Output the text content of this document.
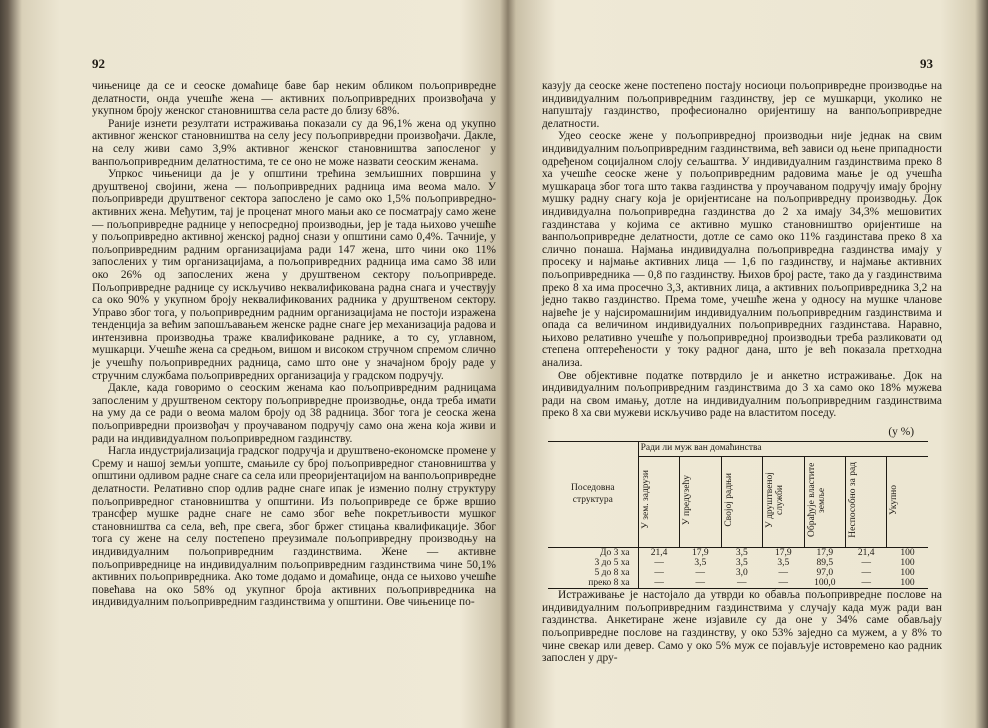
92

чињенице да се и сеоске домаћице баве бар неким обликом пољопривредне делатности, онда учешће жена — активних пољопривредних произвођача у укупном броју женског становништва села расте до близу 68%.

Раније изнети резултати истраживања показали су да 96,1% жена од укупно активног женског становништва на селу јесу пољопривредни произвођачи. Дакле, на селу живи само 3,9% активног женског становништва запосленог у ванпољопривредним делатностима, те се оно не може назвати сеоским женама.

Упркос чињеници да је у општини трећина земљишних површина у друштвеној својини, жена — пољопривредних радница има веома мало. У пољопривреди друштвеног сектора запослено је само око 1,5% пољопривредно-активних жена. Међутим, тај је проценат много мањи ако се посматрају само жене — пољопривредне раднице у непосредној производњи, јер је тада њихово учешће у пољопривредно активној женској радној снази у општини само 0,4%. Тачније, у пољопривредним радним организацијама ради 147 жена, што чини око 11% запослених у тим организацијама, а пољопривредних радница има само 38 или око 26% од запослених жена у друштвеном сектору пољопривреде. Пољопривредне раднице су искључиво неквалификована радна снага и учествују са око 90% у укупном броју неквалификованих радника у друштвеном сектору. Управо због тога, у пољопривредним радним организацијама не постоји изражена тенденција за већим запошљавањем женске радне снаге јер механизација радова и интензивна производња траже квалификоване раднике, а то су, углавном, мушкарци. Учешће жена са средњом, вишом и високом стручном спремом слично је учешћу пољопривредних радница, само што оне у значајном броју раде у стручним службама пољопривредних организација у градском подручју.

Дакле, када говоримо о сеоским женама као пољопривредним радницама запосленим у друштвеном сектору пољопривредне производње, онда треба имати на уму да се ради о веома малом броју од 38 радница. Због тога је сеоска жена пољопривредни произвођач у проучаваном подручју само она жена која живи и ради на индивидуалном пољопривредном газдинству.

Нагла индустријализација градског подручја и друштвено-економске промене у Срему и нашој земљи уопште, смањиле су број пољопривредног становништва у општини одливом радне снаге са села или преоријентацијом на ванпољопривредне делатности. Релативно спор одлив радне снаге ипак је изменио полну структуру пољопривредног становништва у општини. Из пољопривреде се брже вршио трансфер мушке радне снаге не само због веће покретљивости мушког становништва са села, већ, пре свега, због бржег стицања квалификације. Због тога су жене на селу постепено преузимале пољопривредну производњу на индивидуалним пољопривредним газдинствима. Жене — активне пољопривреднице на индивидуалним пољопривредним газдинствима чине 50,1% активних пољопривредника. Ако томе додамо и домаћице, онда се њихово учешће повећава на око 58% од укупног броја активних пољопривредника на индивидуалним пољопривредним газдинствима у општини. Ове чињенице по-

93

казују да сеоске жене постепено постају носиоци пољопривредне производње на индивидуалним пољопривредним газдинству, јер се мушкарци, уколико не напуштају газдинство, професионално оријентишу на ванпољопривредне делатности.

Удео сеоске жене у пољопривредној производњи није једнак на свим индивидуалним пољопривредним газдинствима, већ зависи од њене припадности одређеном социјалном слоју сељаштва. У индивидуалним газдинствима преко 8 ха учешће сеоске жене у пољопривредним радовима мање је од учешћа мушкараца због тога што таква газдинства у проучаваном подручју имају бројну мушку радну снагу која је оријентисане на пољопривредну производњу. Док индивидуална пољопривредна газдинства до 2 ха имају 34,3% мешовитих газдинстава у којима се активно мушко становништво оријентише на ванпољопривредне делатности, дотле се само око 11% газдинстава преко 8 ха слично понаша. Најмања индивидуална пољопривредна газдинства имају у просеку и најмање активних лица — 1,6 по газдинству, и најмање активних пољопривредника — 0,8 по газдинству. Њихов број расте, тако да у газдинствима преко 8 ха има просечно 3,3, активних лица, а активних пољопривредника 3,2 на једно такво газдинство. Према томе, учешће жена у односу на мушке чланове највеће је у најсиромашнијим индивидуалним пољопривредним газдинствима и опада са величином индивидуалних пољопривредних газдинстава. Наравно, њихово релативно учешће у пољопривредној производњи треба разликовати од степена оптерећености у току радног дана, што је већ показала претходна анализа.

Ове објективне податке потврдило је и анкетно истраживање. Док на индивидуалним пољопривредним газдинствима до 3 ха само око 18% мужева ради на свом имању, дотле на индивидуалним пољопривредним газдинствима преко 8 ха сви мужеви искључиво раде на властитом поседу.

(у %)
Поседовна структура	Ради ли муж ван домаћинства						
	У зем. задрузи	У предузећу	Својој радњи	У друштвеној служби	Обрађује властите земље	Неспособно за рад	Укупно
До 3 ха	21,4	17,9	3,5	17,9	17,9	21,4	100
3 до 5 ха	—	3,5	3,5	3,5	89,5	—	100
5 до 8 ха	—	—	3,0	—	97,0	—	100
преко 8 ха	—	—	—	—	100,0	—	100

Истраживање је настојало да утврди ко обавља пољопривредне послове на индивидуалним пољопривредним газдинствима у случају када муж ради ван газдинства. Анкетиране жене изјавиле су да оне у 34% саме обављају пољопривредне послове на газдинству, у око 53% заједно са мужем, а у 8% то чине свекар или девер. Само у око 5% муж се појављује истовремено као радник запослен у дру-
